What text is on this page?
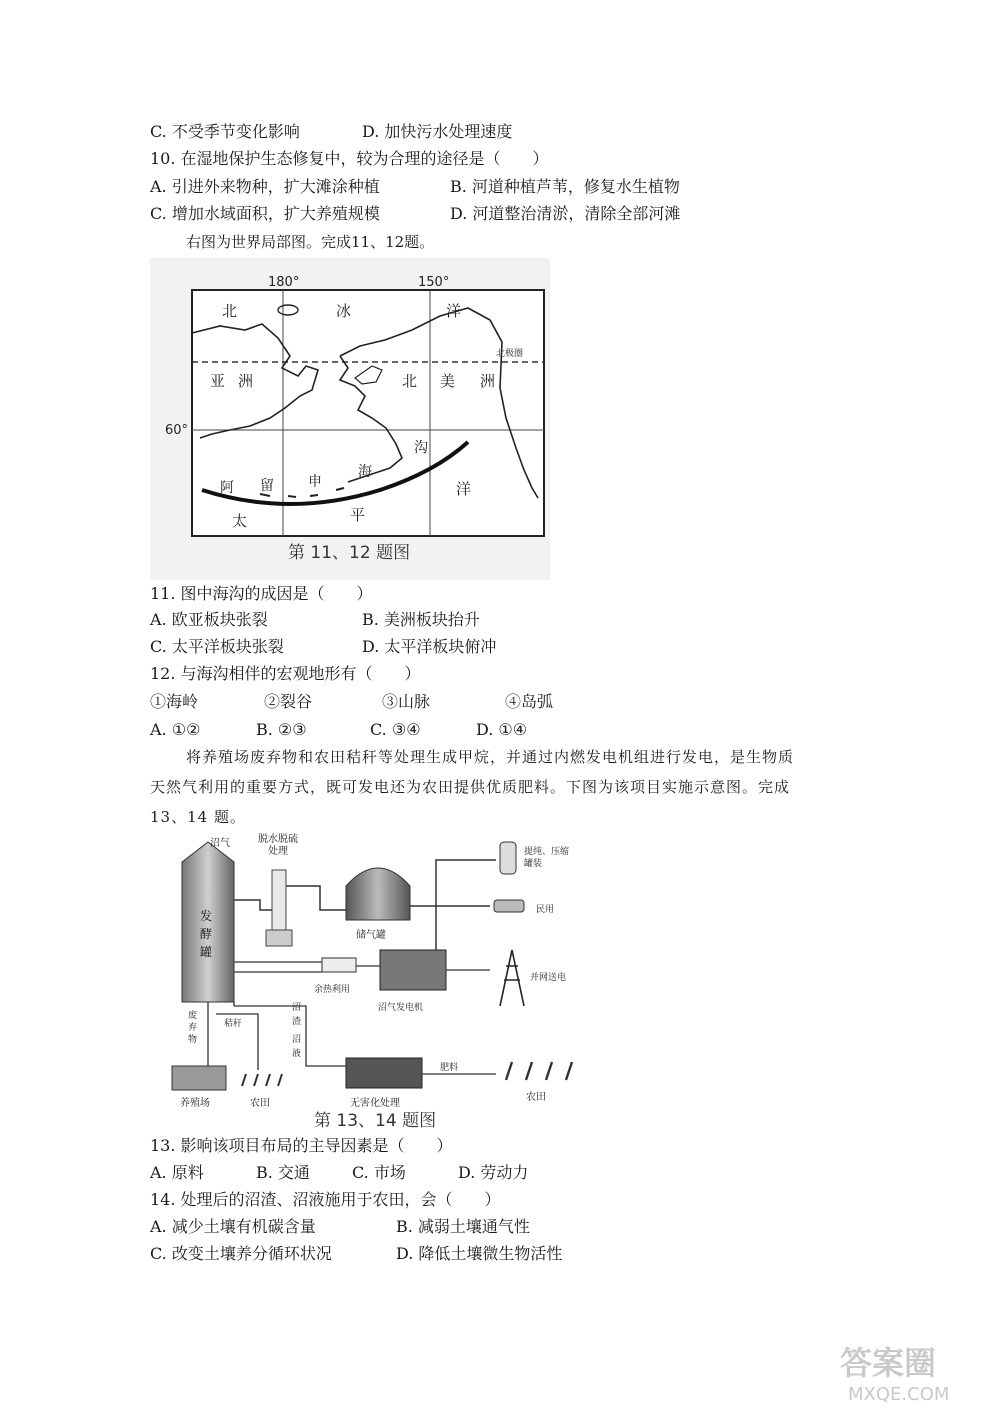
C. 不受季节变化影响	D. 加快污水处理速度
10. 在湿地保护生态修复中，较为合理的途径是（　　）
A. 引进外来物种，扩大滩涂种植	B. 河道种植芦苇，修复水生植物
C. 增加水域面积，扩大养殖规模	D. 河道整治清淤，清除全部河滩
右图为世界局部图。完成11、12题。
180°	150°
60°
北极圈
北	冰	洋
亚 洲	北 美 洲
阿 留 申
海
沟
太	平
洋
第 11、12 题图
11. 图中海沟的成因是（　　）
A. 欧亚板块张裂	B. 美洲板块抬升
C. 太平洋板块张裂	D. 太平洋板块俯冲
12. 与海沟相伴的宏观地形有（　　）
①海岭	②裂谷	③山脉	④岛弧
A. ①②	B. ②③	C. ③④	D. ①④
将养殖场废弃物和农田秸秆等处理生成甲烷，并通过内燃发电机组进行发电，是生物质
天然气利用的重要方式，既可发电还为农田提供优质肥料。下图为该项目实施示意图。完成
13、14 题。
发
酵
罐
沼气	脱水脱硫
处理
储气罐
提纯、压缩
罐装
民用
余热利用
沼气发电机
并网送电
废
弃
物
秸秆
沼
渣
沼
液
养殖场	农田	无害化处理
肥料
农田
第 13、14 题图
13. 影响该项目布局的主导因素是（　　）
A. 原料	B. 交通	C. 市场	D. 劳动力
14. 处理后的沼渣、沼液施用于农田，会（　　）
A. 减少土壤有机碳含量	B. 减弱土壤通气性
C. 改变土壤养分循环状况	D. 降低土壤微生物活性
答案圈
MXQE.COM
